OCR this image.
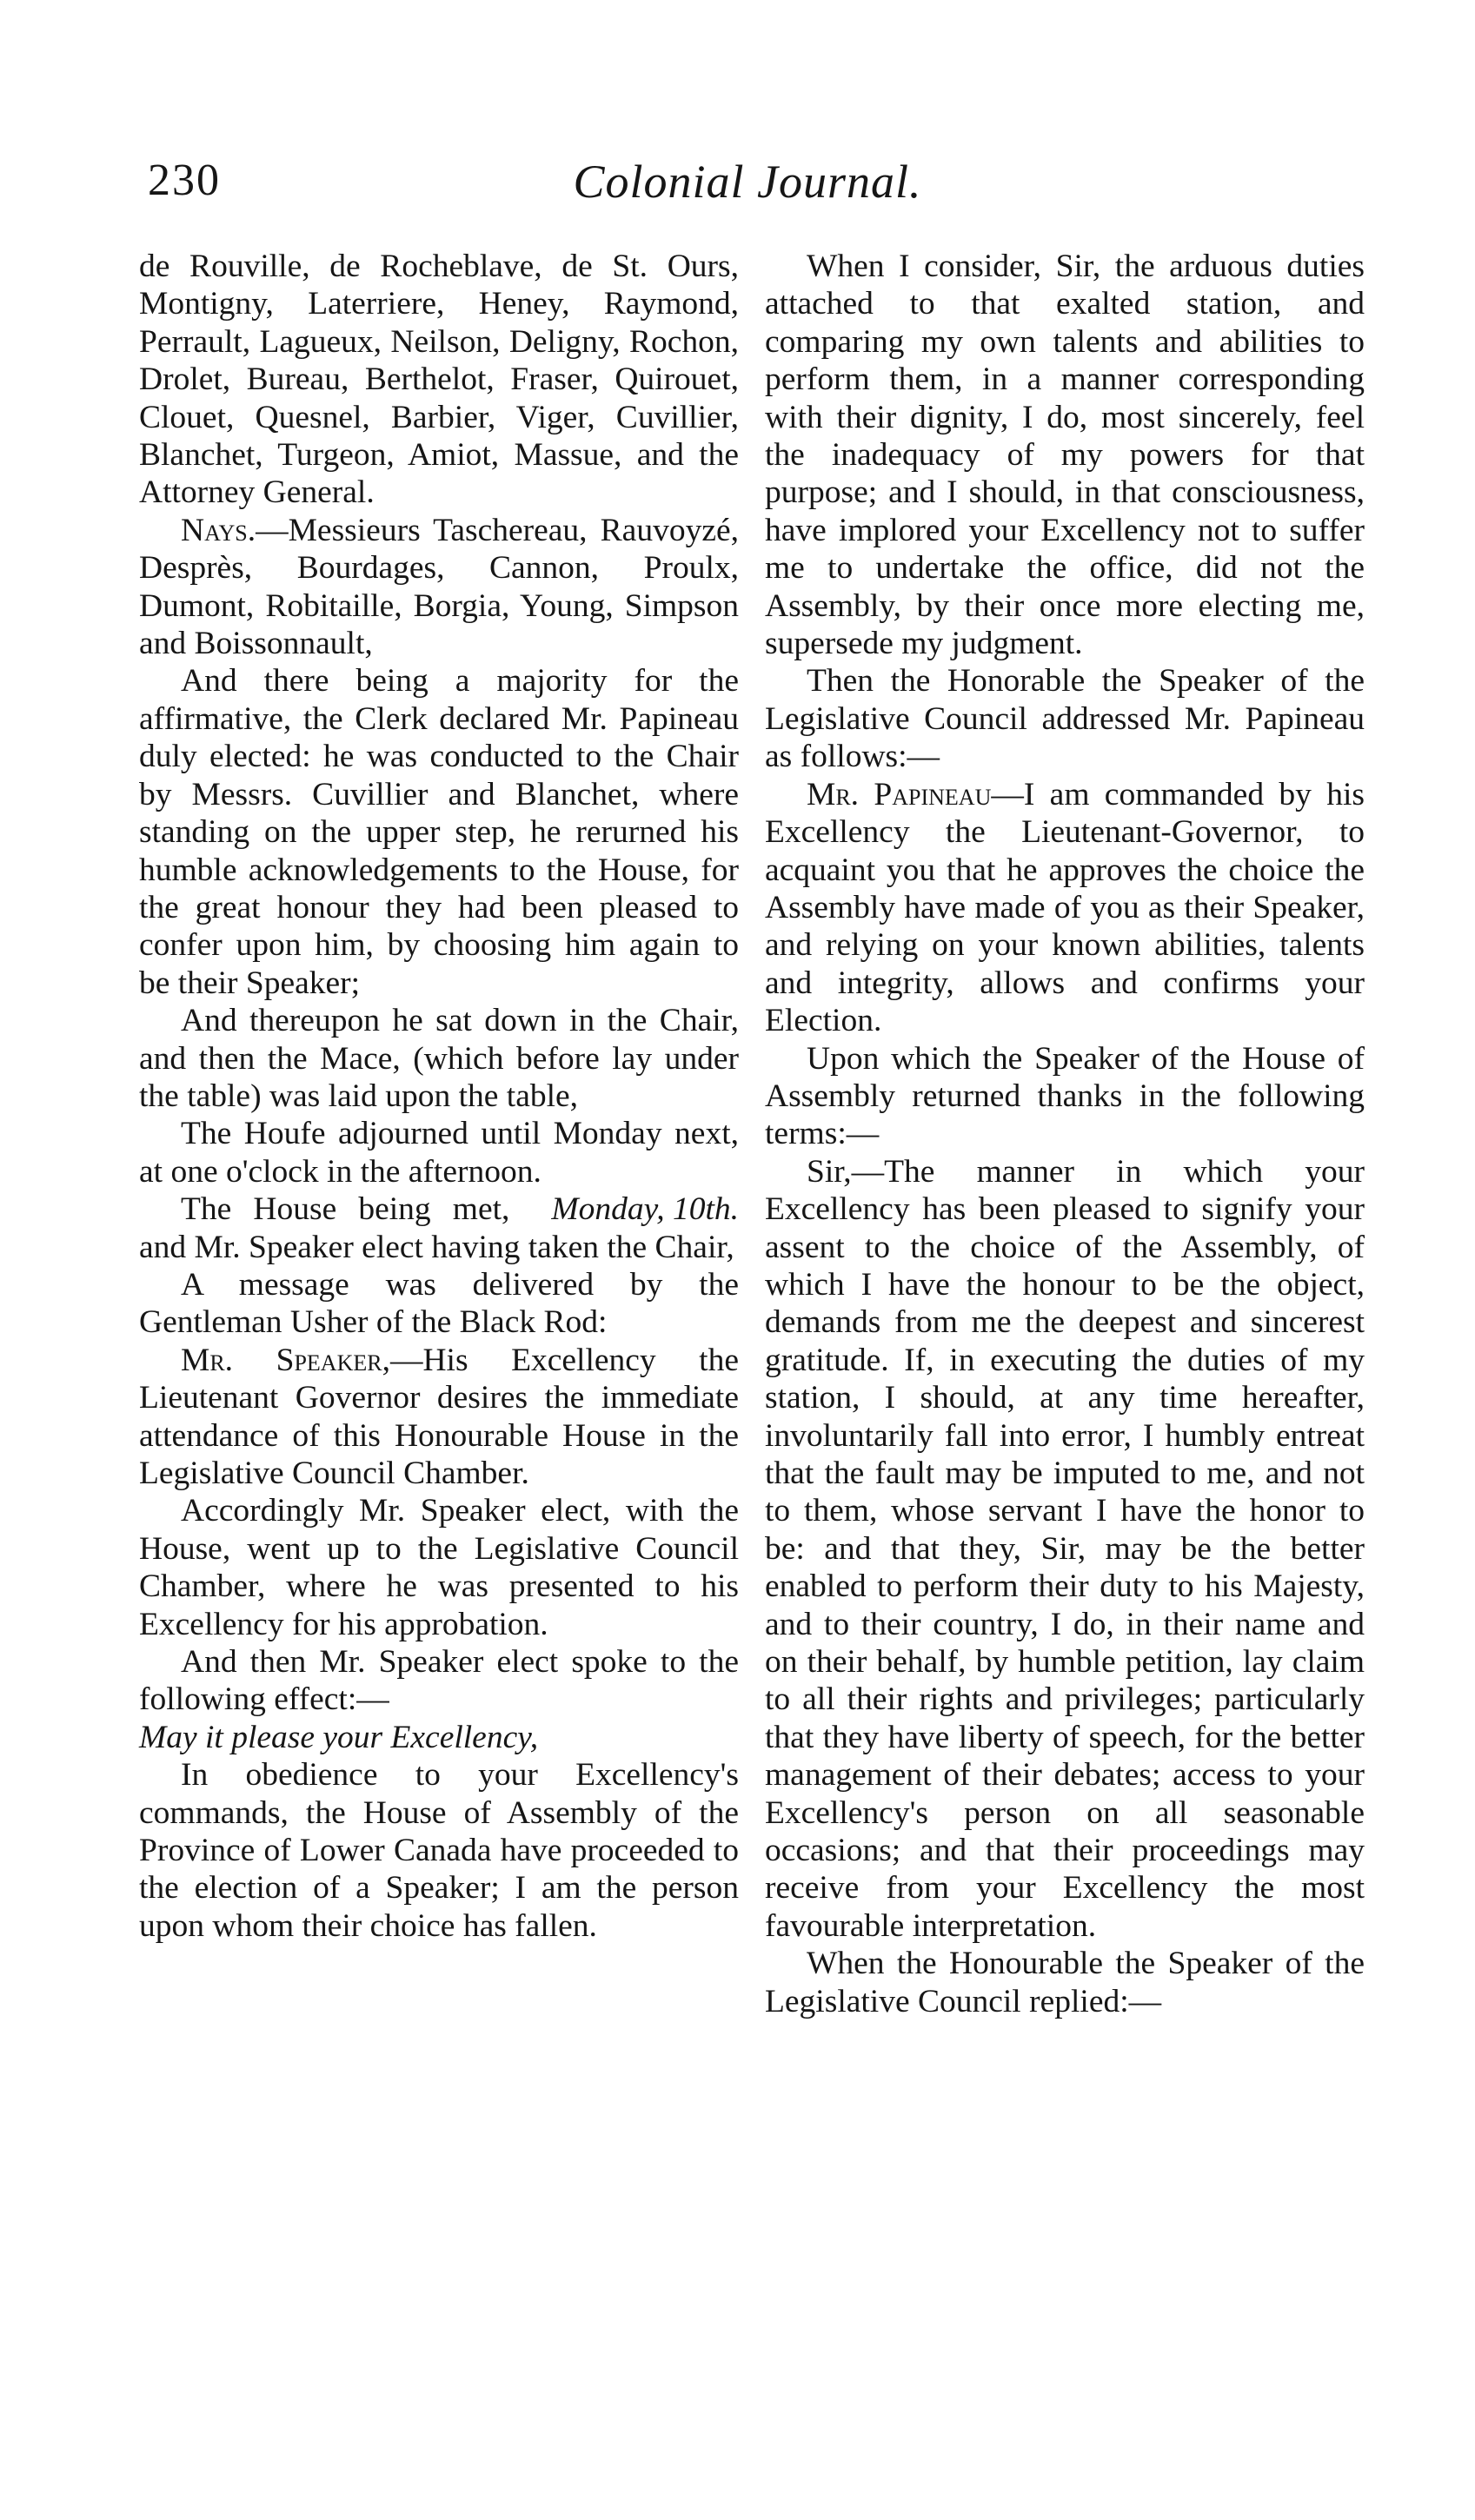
230	Colonial Journal.

de Rouville, de Rocheblave, de St. Ours, Montigny, Laterriere, Heney, Raymond, Perrault, Lagueux, Neilson, Deligny, Rochon, Drolet, Bureau, Berthelot, Fraser, Quirouet, Clouet, Quesnel, Barbier, Viger, Cuvillier, Blanchet, Turgeon, Amiot, Massue, and the Attorney General.

Nays.—Messieurs Taschereau, Rauvoyzé, Desprès, Bourdages, Cannon, Proulx, Dumont, Robitaille, Borgia, Young, Simpson and Boissonnault,

And there being a majority for the affirmative, the Clerk declared Mr. Papineau duly elected: he was conducted to the Chair by Messrs. Cuvillier and Blanchet, where standing on the upper step, he rerurned his humble acknowledgements to the House, for the great honour they had been pleased to confer upon him, by choosing him again to be their Speaker;

And thereupon he sat down in the Chair, and then the Mace, (which before lay under the table) was laid upon the table,

The Houfe adjourned until Monday next, at one o'clock in the afternoon.
Monday, 10th.

The House being met, and Mr. Speaker elect having taken the Chair,

A message was delivered by the Gentleman Usher of the Black Rod:

Mr. Speaker,—His Excellency the Lieutenant Governor desires the immediate attendance of this Honourable House in the Legislative Council Chamber.

Accordingly Mr. Speaker elect, with the House, went up to the Legislative Council Chamber, where he was presented to his Excellency for his approbation.

And then Mr. Speaker elect spoke to the following effect:—

May it please your Excellency,

In obedience to your Excellency's commands, the House of Assembly of the Province of Lower Canada have proceeded to the election of a Speaker; I am the person upon whom their choice has fallen.

When I consider, Sir, the arduous duties attached to that exalted station, and comparing my own talents and abilities to perform them, in a manner corresponding with their dignity, I do, most sincerely, feel the inadequacy of my powers for that purpose; and I should, in that consciousness, have implored your Excellency not to suffer me to undertake the office, did not the Assembly, by their once more electing me, supersede my judgment.

Then the Honorable the Speaker of the Legislative Council addressed Mr. Papineau as follows:—

Mr. Papineau—I am commanded by his Excellency the Lieutenant-Governor, to acquaint you that he approves the choice the Assembly have made of you as their Speaker, and relying on your known abilities, talents and integrity, allows and confirms your Election.

Upon which the Speaker of the House of Assembly returned thanks in the following terms:—

Sir,—The manner in which your Excellency has been pleased to signify your assent to the choice of the Assembly, of which I have the honour to be the object, demands from me the deepest and sincerest gratitude. If, in executing the duties of my station, I should, at any time hereafter, involuntarily fall into error, I humbly entreat that the fault may be imputed to me, and not to them, whose servant I have the honor to be: and that they, Sir, may be the better enabled to perform their duty to his Majesty, and to their country, I do, in their name and on their behalf, by humble petition, lay claim to all their rights and privileges; particularly that they have liberty of speech, for the better management of their debates; access to your Excellency's person on all seasonable occasions; and that their proceedings may receive from your Excellency the most favourable interpretation.

When the Honourable the Speaker of the Legislative Council replied:—
